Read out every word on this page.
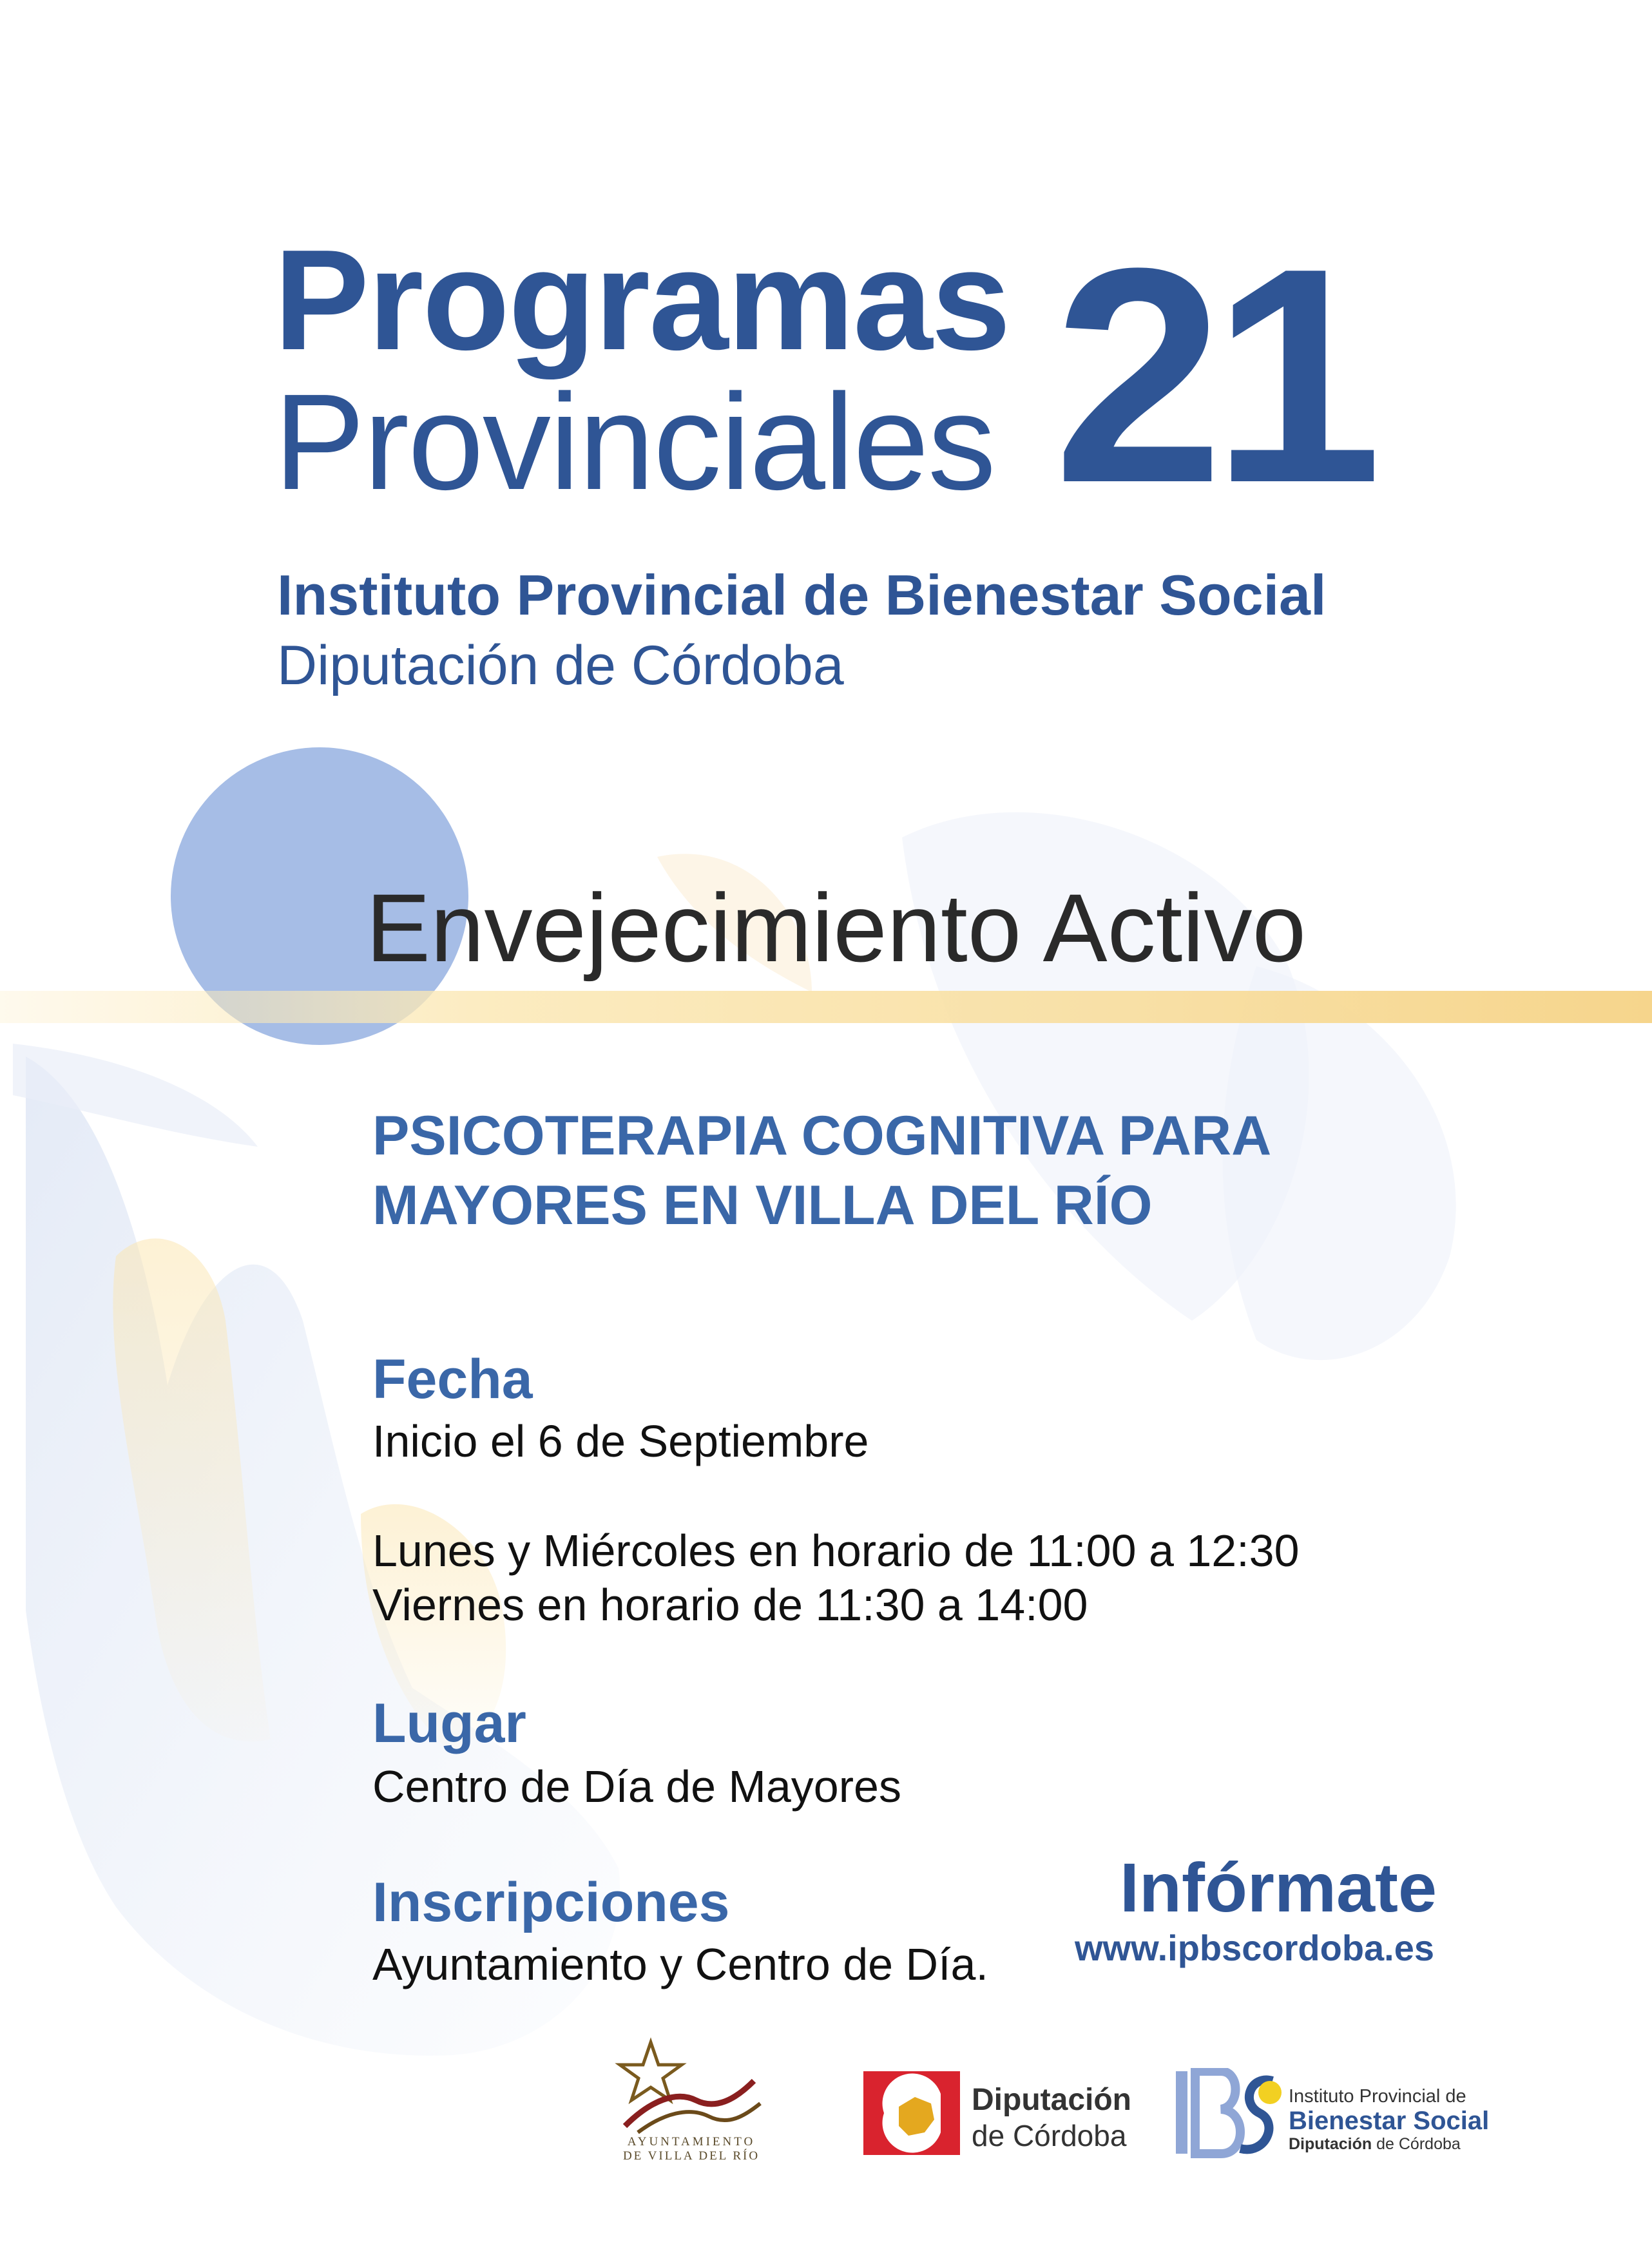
Programas
Provinciales 21
Instituto Provincial de Bienestar Social
Diputación de Córdoba
Envejecimiento Activo
PSICOTERAPIA COGNITIVA PARA
MAYORES EN VILLA DEL RÍO
Fecha
Inicio el 6 de Septiembre
Lunes y Miércoles en horario de 11:00 a 12:30
Viernes en horario de 11:30 a 14:00
Lugar
Centro de Día de Mayores
Inscripciones
Ayuntamiento y Centro de Día.
Infórmate
www.ipbscordoba.es
AYUNTAMIENTO
DE VILLA DEL RÍO
Diputación
de Córdoba
Instituto Provincial de
Bienestar Social
Diputación de Córdoba
